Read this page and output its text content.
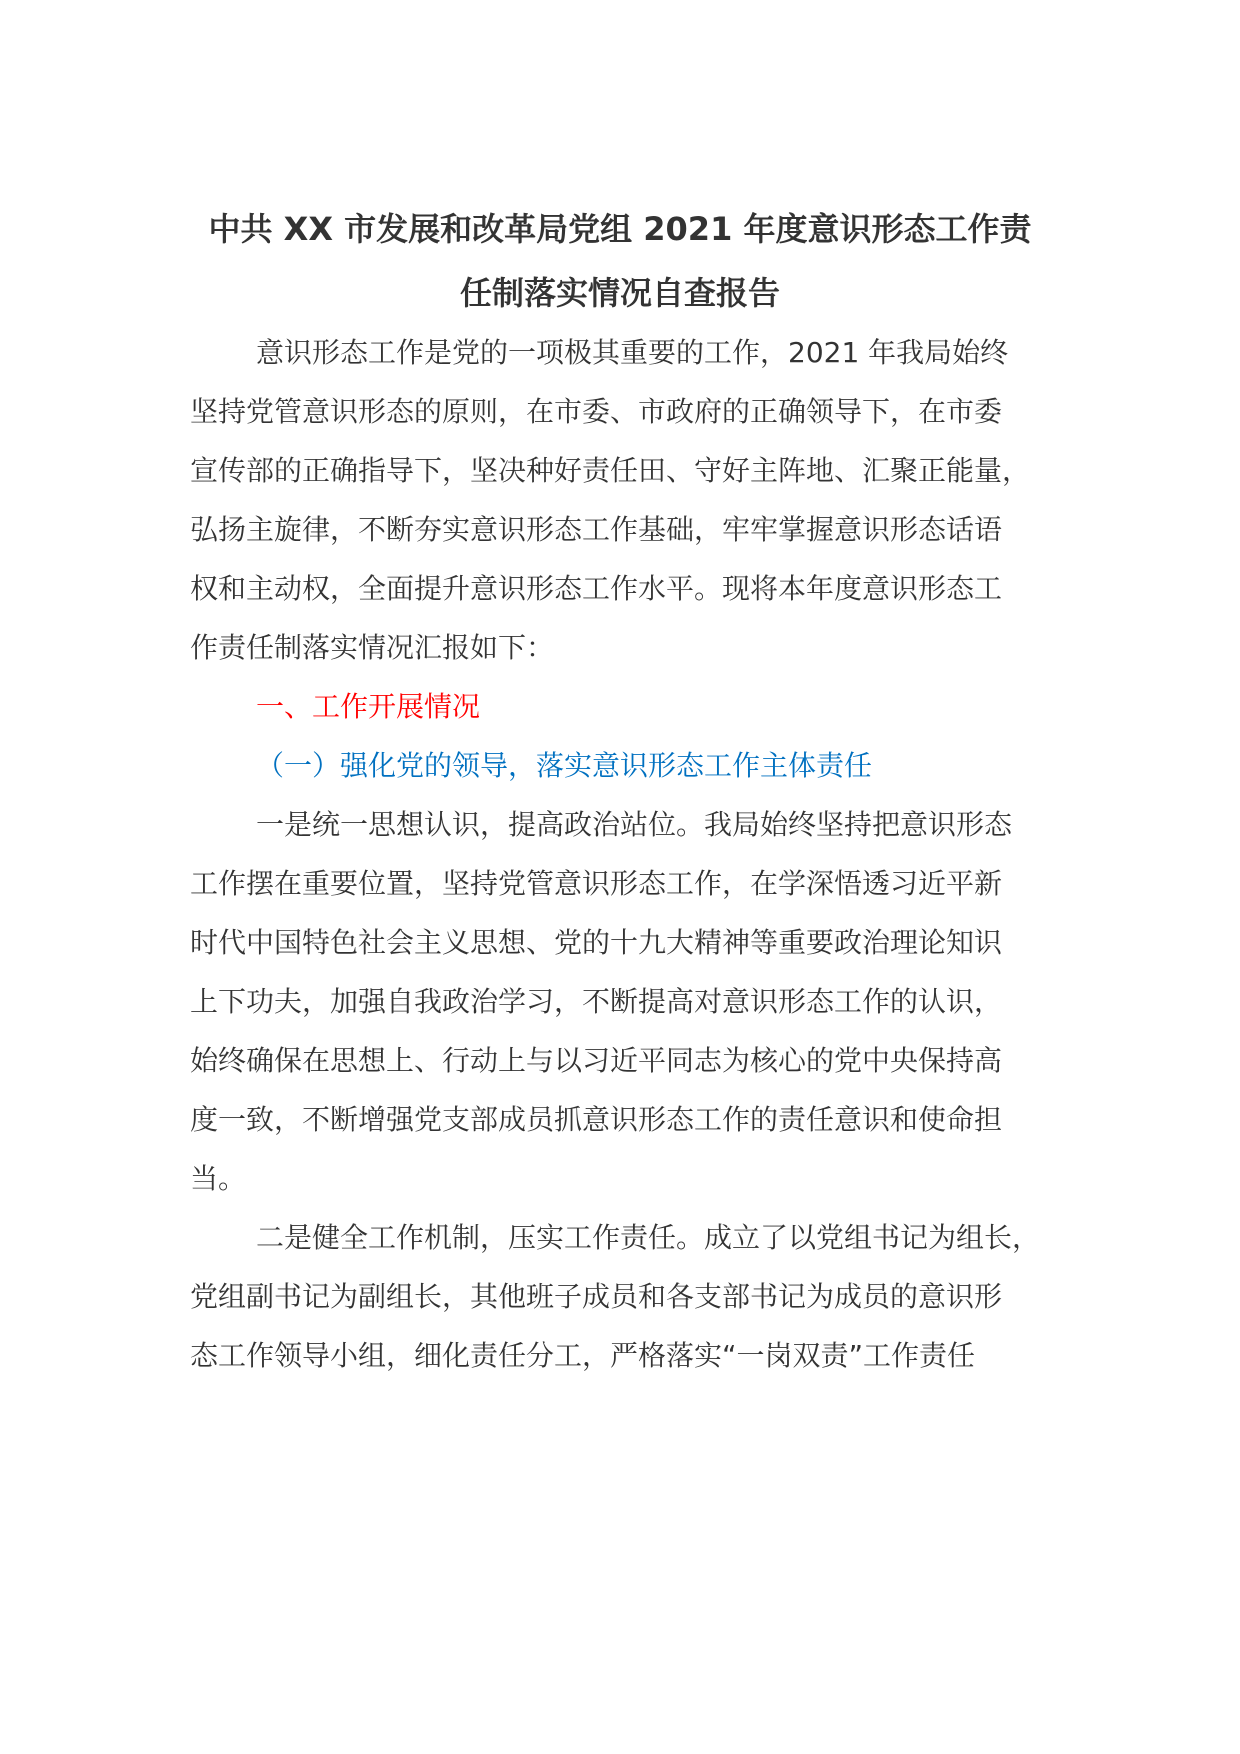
中共 XX 市发展和改革局党组 2021 年度意识形态工作责
任制落实情况自查报告
意识形态工作是党的一项极其重要的工作，2021 年我局始终
坚持党管意识形态的原则，在市委、市政府的正确领导下，在市委
宣传部的正确指导下，坚决种好责任田、守好主阵地、汇聚正能量，
弘扬主旋律，不断夯实意识形态工作基础，牢牢掌握意识形态话语
权和主动权，全面提升意识形态工作水平。现将本年度意识形态工
作责任制落实情况汇报如下：
一、工作开展情况
（一）强化党的领导，落实意识形态工作主体责任
一是统一思想认识，提高政治站位。我局始终坚持把意识形态
工作摆在重要位置，坚持党管意识形态工作，在学深悟透习近平新
时代中国特色社会主义思想、党的十九大精神等重要政治理论知识
上下功夫，加强自我政治学习，不断提高对意识形态工作的认识，
始终确保在思想上、行动上与以习近平同志为核心的党中央保持高
度一致，不断增强党支部成员抓意识形态工作的责任意识和使命担
当。
二是健全工作机制，压实工作责任。成立了以党组书记为组长，
党组副书记为副组长，其他班子成员和各支部书记为成员的意识形
态工作领导小组，细化责任分工，严格落实“一岗双责”工作责任
